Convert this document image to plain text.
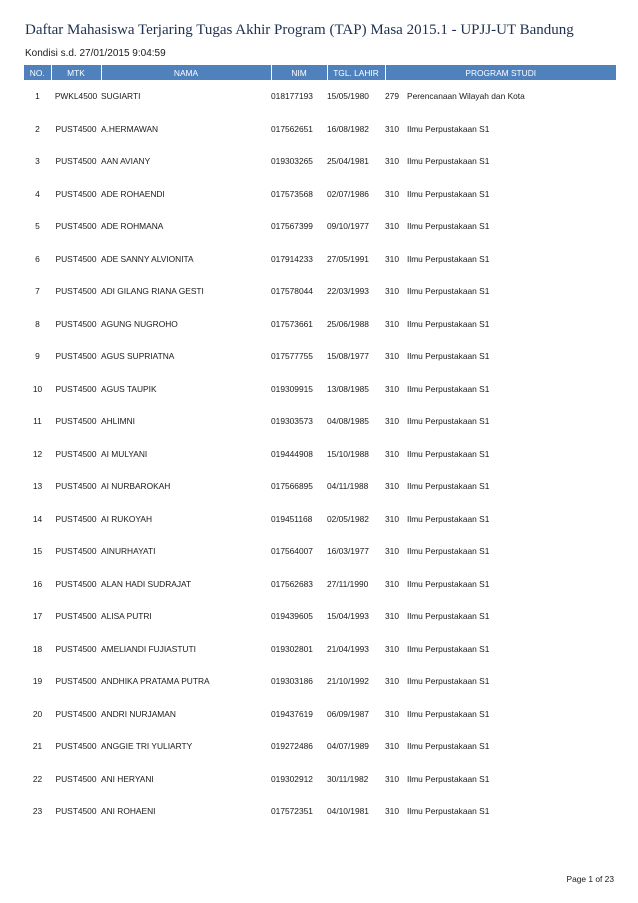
Daftar Mahasiswa Terjaring Tugas Akhir Program (TAP) Masa 2015.1 - UPJJ-UT Bandung
Kondisi s.d. 27/01/2015 9:04:59
NO.	MTK	NAMA	NIM	TGL. LAHIR	PROGRAM STUDI
1	PWKL4500	SUGIARTI	018177193	15/05/1980	279 Perencanaan Wilayah dan Kota
2	PUST4500	A.HERMAWAN	017562651	16/08/1982	310 Ilmu Perpustakaan S1
3	PUST4500	AAN AVIANY	019303265	25/04/1981	310 Ilmu Perpustakaan S1
4	PUST4500	ADE ROHAENDI	017573568	02/07/1986	310 Ilmu Perpustakaan S1
5	PUST4500	ADE ROHMANA	017567399	09/10/1977	310 Ilmu Perpustakaan S1
6	PUST4500	ADE SANNY ALVIONITA	017914233	27/05/1991	310 Ilmu Perpustakaan S1
7	PUST4500	ADI GILANG RIANA GESTI	017578044	22/03/1993	310 Ilmu Perpustakaan S1
8	PUST4500	AGUNG NUGROHO	017573661	25/06/1988	310 Ilmu Perpustakaan S1
9	PUST4500	AGUS SUPRIATNA	017577755	15/08/1977	310 Ilmu Perpustakaan S1
10	PUST4500	AGUS TAUPIK	019309915	13/08/1985	310 Ilmu Perpustakaan S1
11	PUST4500	AHLIMNI	019303573	04/08/1985	310 Ilmu Perpustakaan S1
12	PUST4500	AI MULYANI	019444908	15/10/1988	310 Ilmu Perpustakaan S1
13	PUST4500	AI NURBAROKAH	017566895	04/11/1988	310 Ilmu Perpustakaan S1
14	PUST4500	AI RUKOYAH	019451168	02/05/1982	310 Ilmu Perpustakaan S1
15	PUST4500	AINURHAYATI	017564007	16/03/1977	310 Ilmu Perpustakaan S1
16	PUST4500	ALAN HADI SUDRAJAT	017562683	27/11/1990	310 Ilmu Perpustakaan S1
17	PUST4500	ALISA PUTRI	019439605	15/04/1993	310 Ilmu Perpustakaan S1
18	PUST4500	AMELIANDI FUJIASTUTI	019302801	21/04/1993	310 Ilmu Perpustakaan S1
19	PUST4500	ANDHIKA PRATAMA PUTRA	019303186	21/10/1992	310 Ilmu Perpustakaan S1
20	PUST4500	ANDRI NURJAMAN	019437619	06/09/1987	310 Ilmu Perpustakaan S1
21	PUST4500	ANGGIE TRI YULIARTY	019272486	04/07/1989	310 Ilmu Perpustakaan S1
22	PUST4500	ANI HERYANI	019302912	30/11/1982	310 Ilmu Perpustakaan S1
23	PUST4500	ANI ROHAENI	017572351	04/10/1981	310 Ilmu Perpustakaan S1
Page 1 of 23
